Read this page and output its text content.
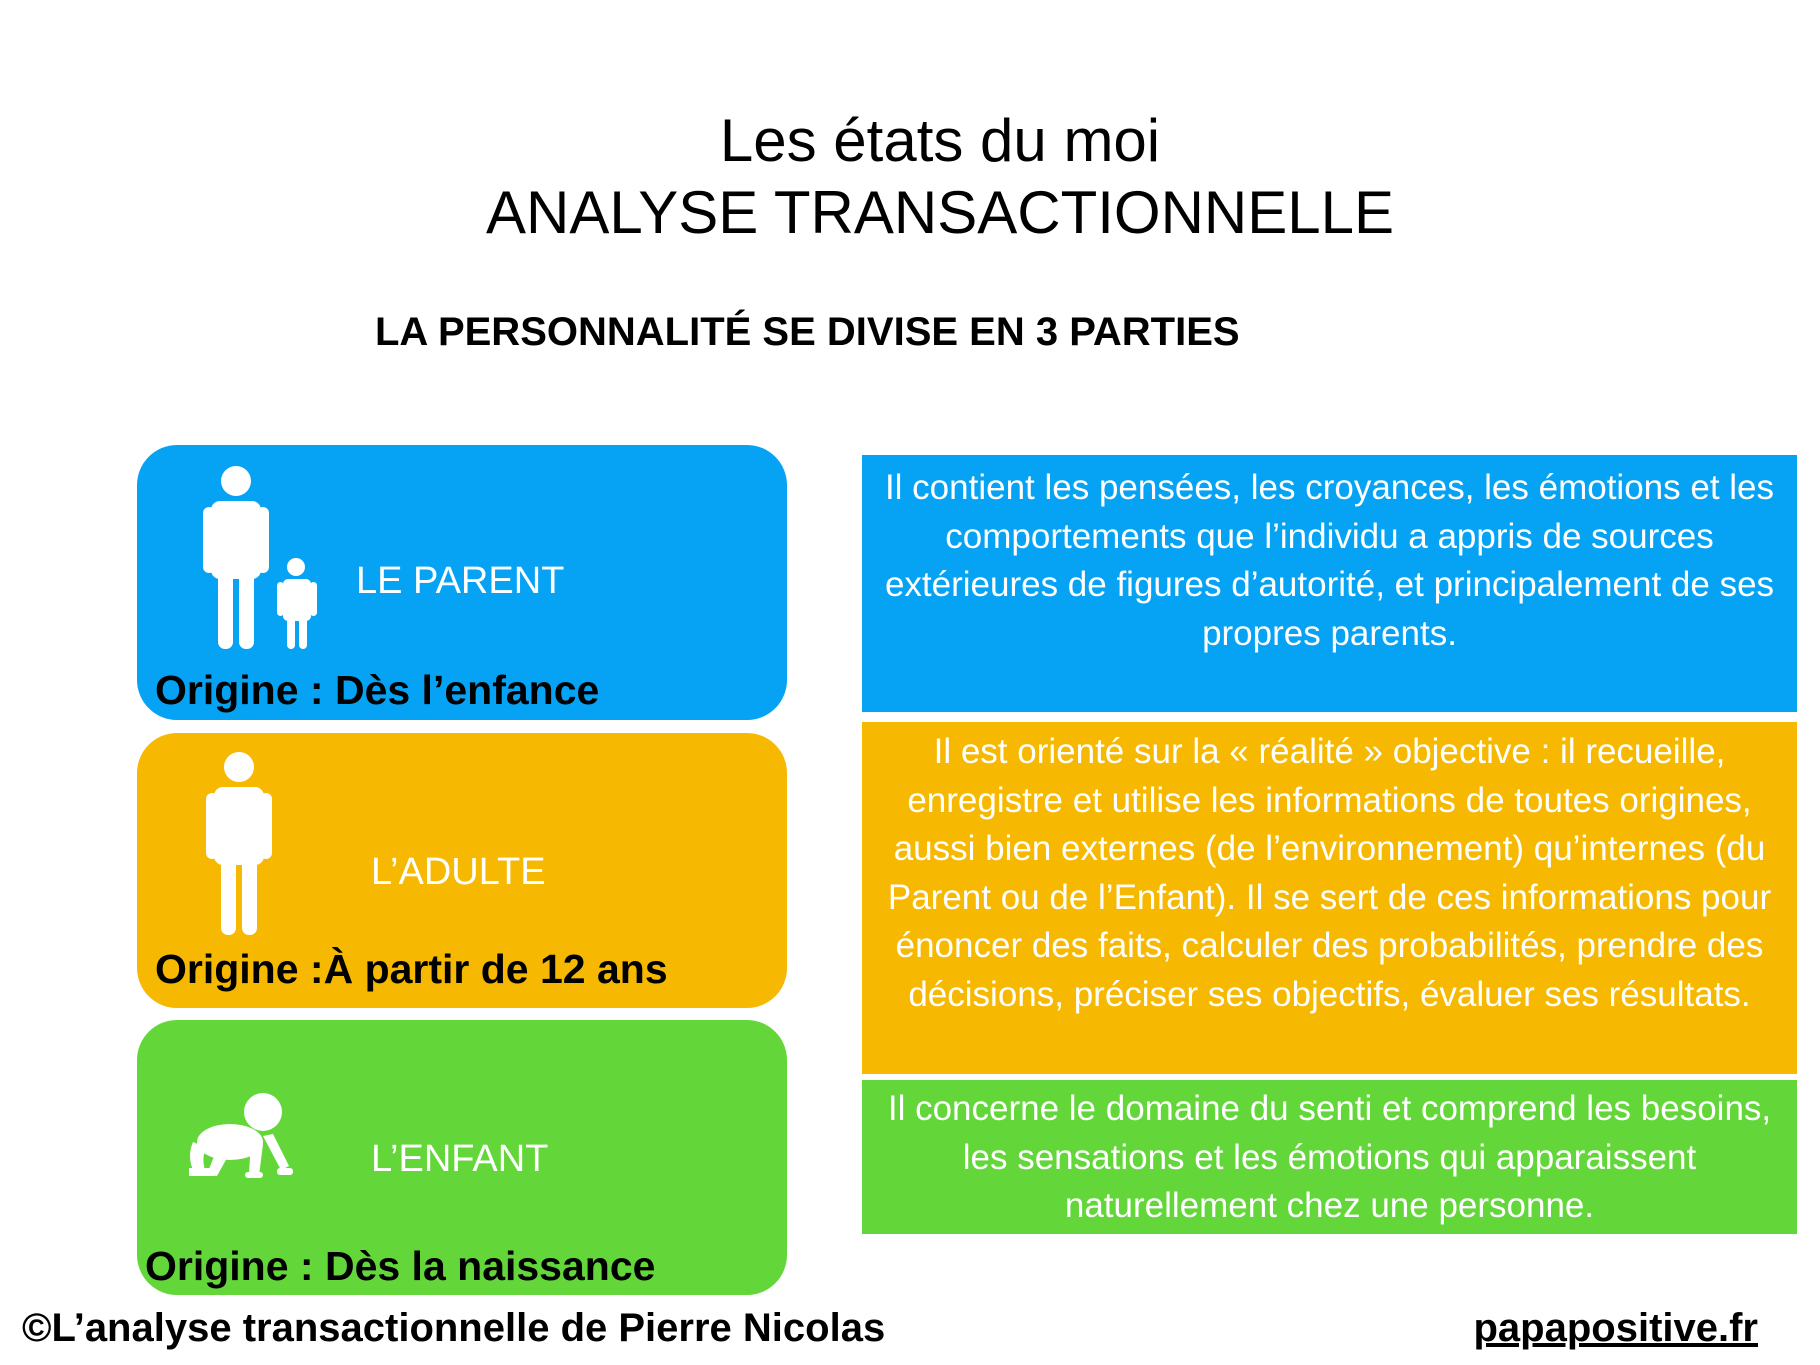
Les états du moi
ANALYSE TRANSACTIONNELLE
LA PERSONNALITÉ SE DIVISE EN 3 PARTIES
LE PARENT
Origine : Dès l’enfance
L’ADULTE
Origine :À partir de 12 ans
L’ENFANT
Origine : Dès la naissance
Il contient les pensées, les croyances, les émotions et les comportements que l’individu a appris de sources extérieures de figures d’autorité, et principalement de ses propres parents.
Il est orienté sur la « réalité » objective : il recueille, enregistre et utilise les informations de toutes origines, aussi bien externes (de l’environnement) qu’internes (du Parent ou de l’Enfant). Il se sert de ces informations pour énoncer des faits, calculer des probabilités, prendre des décisions, préciser ses objectifs, évaluer ses résultats.
Il concerne le domaine du senti et comprend les besoins, les sensations et les émotions qui apparaissent naturellement chez une personne.
©L’analyse transactionnelle de Pierre Nicolas	papapositive.fr
